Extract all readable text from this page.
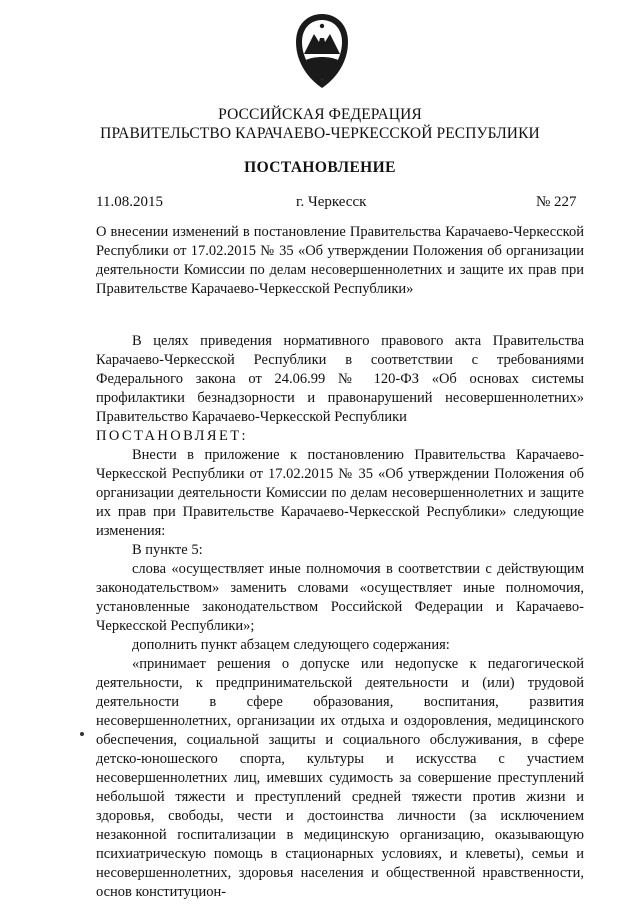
РОССИЙСКАЯ ФЕДЕРАЦИЯ
ПРАВИТЕЛЬСТВО КАРАЧАЕВО-ЧЕРКЕССКОЙ РЕСПУБЛИКИ
ПОСТАНОВЛЕНИЕ
11.08.2015	г. Черкесск	№ 227
О внесении изменений в постановление Правительства Карачаево-Черкесской Республики от 17.02.2015 № 35 «Об утверждении Положения об организации деятельности Комиссии по делам несовершеннолетних и защите их прав при Правительстве Карачаево-Черкесской Республики»

В целях приведения нормативного правового акта Правительства Карачаево-Черкесской Республики в соответствии с требованиями Федерального закона от 24.06.99 № 120-ФЗ «Об основах системы профилактики безнадзорности и правонарушений несовершеннолетних» Правительство Карачаево-Черкесской Республики

ПОСТАНОВЛЯЕТ:

Внести в приложение к постановлению Правительства Карачаево-Черкесской Республики от 17.02.2015 № 35 «Об утверждении Положения об организации деятельности Комиссии по делам несовершеннолетних и защите их прав при Правительстве Карачаево-Черкесской Республики» следующие изменения:

В пункте 5:

слова «осуществляет иные полномочия в соответствии с действующим законодательством» заменить словами «осуществляет иные полномочия, установленные законодательством Российской Федерации и Карачаево-Черкесской Республики»;

дополнить пункт абзацем следующего содержания:

«принимает решения о допуске или недопуске к педагогической деятельности, к предпринимательской деятельности и (или) трудовой деятельности в сфере образования, воспитания, развития несовершеннолетних, организации их отдыха и оздоровления, медицинского обеспечения, социальной защиты и социального обслуживания, в сфере детско-юношеского спорта, культуры и искусства с участием несовершеннолетних лиц, имевших судимость за совершение преступлений небольшой тяжести и преступлений средней тяжести против жизни и здоровья, свободы, чести и достоинства личности (за исключением незаконной госпитализации в медицинскую организацию, оказывающую психиатрическую помощь в стационарных условиях, и клеветы), семьи и несовершеннолетних, здоровья населения и общественной нравственности, основ конституцион-
